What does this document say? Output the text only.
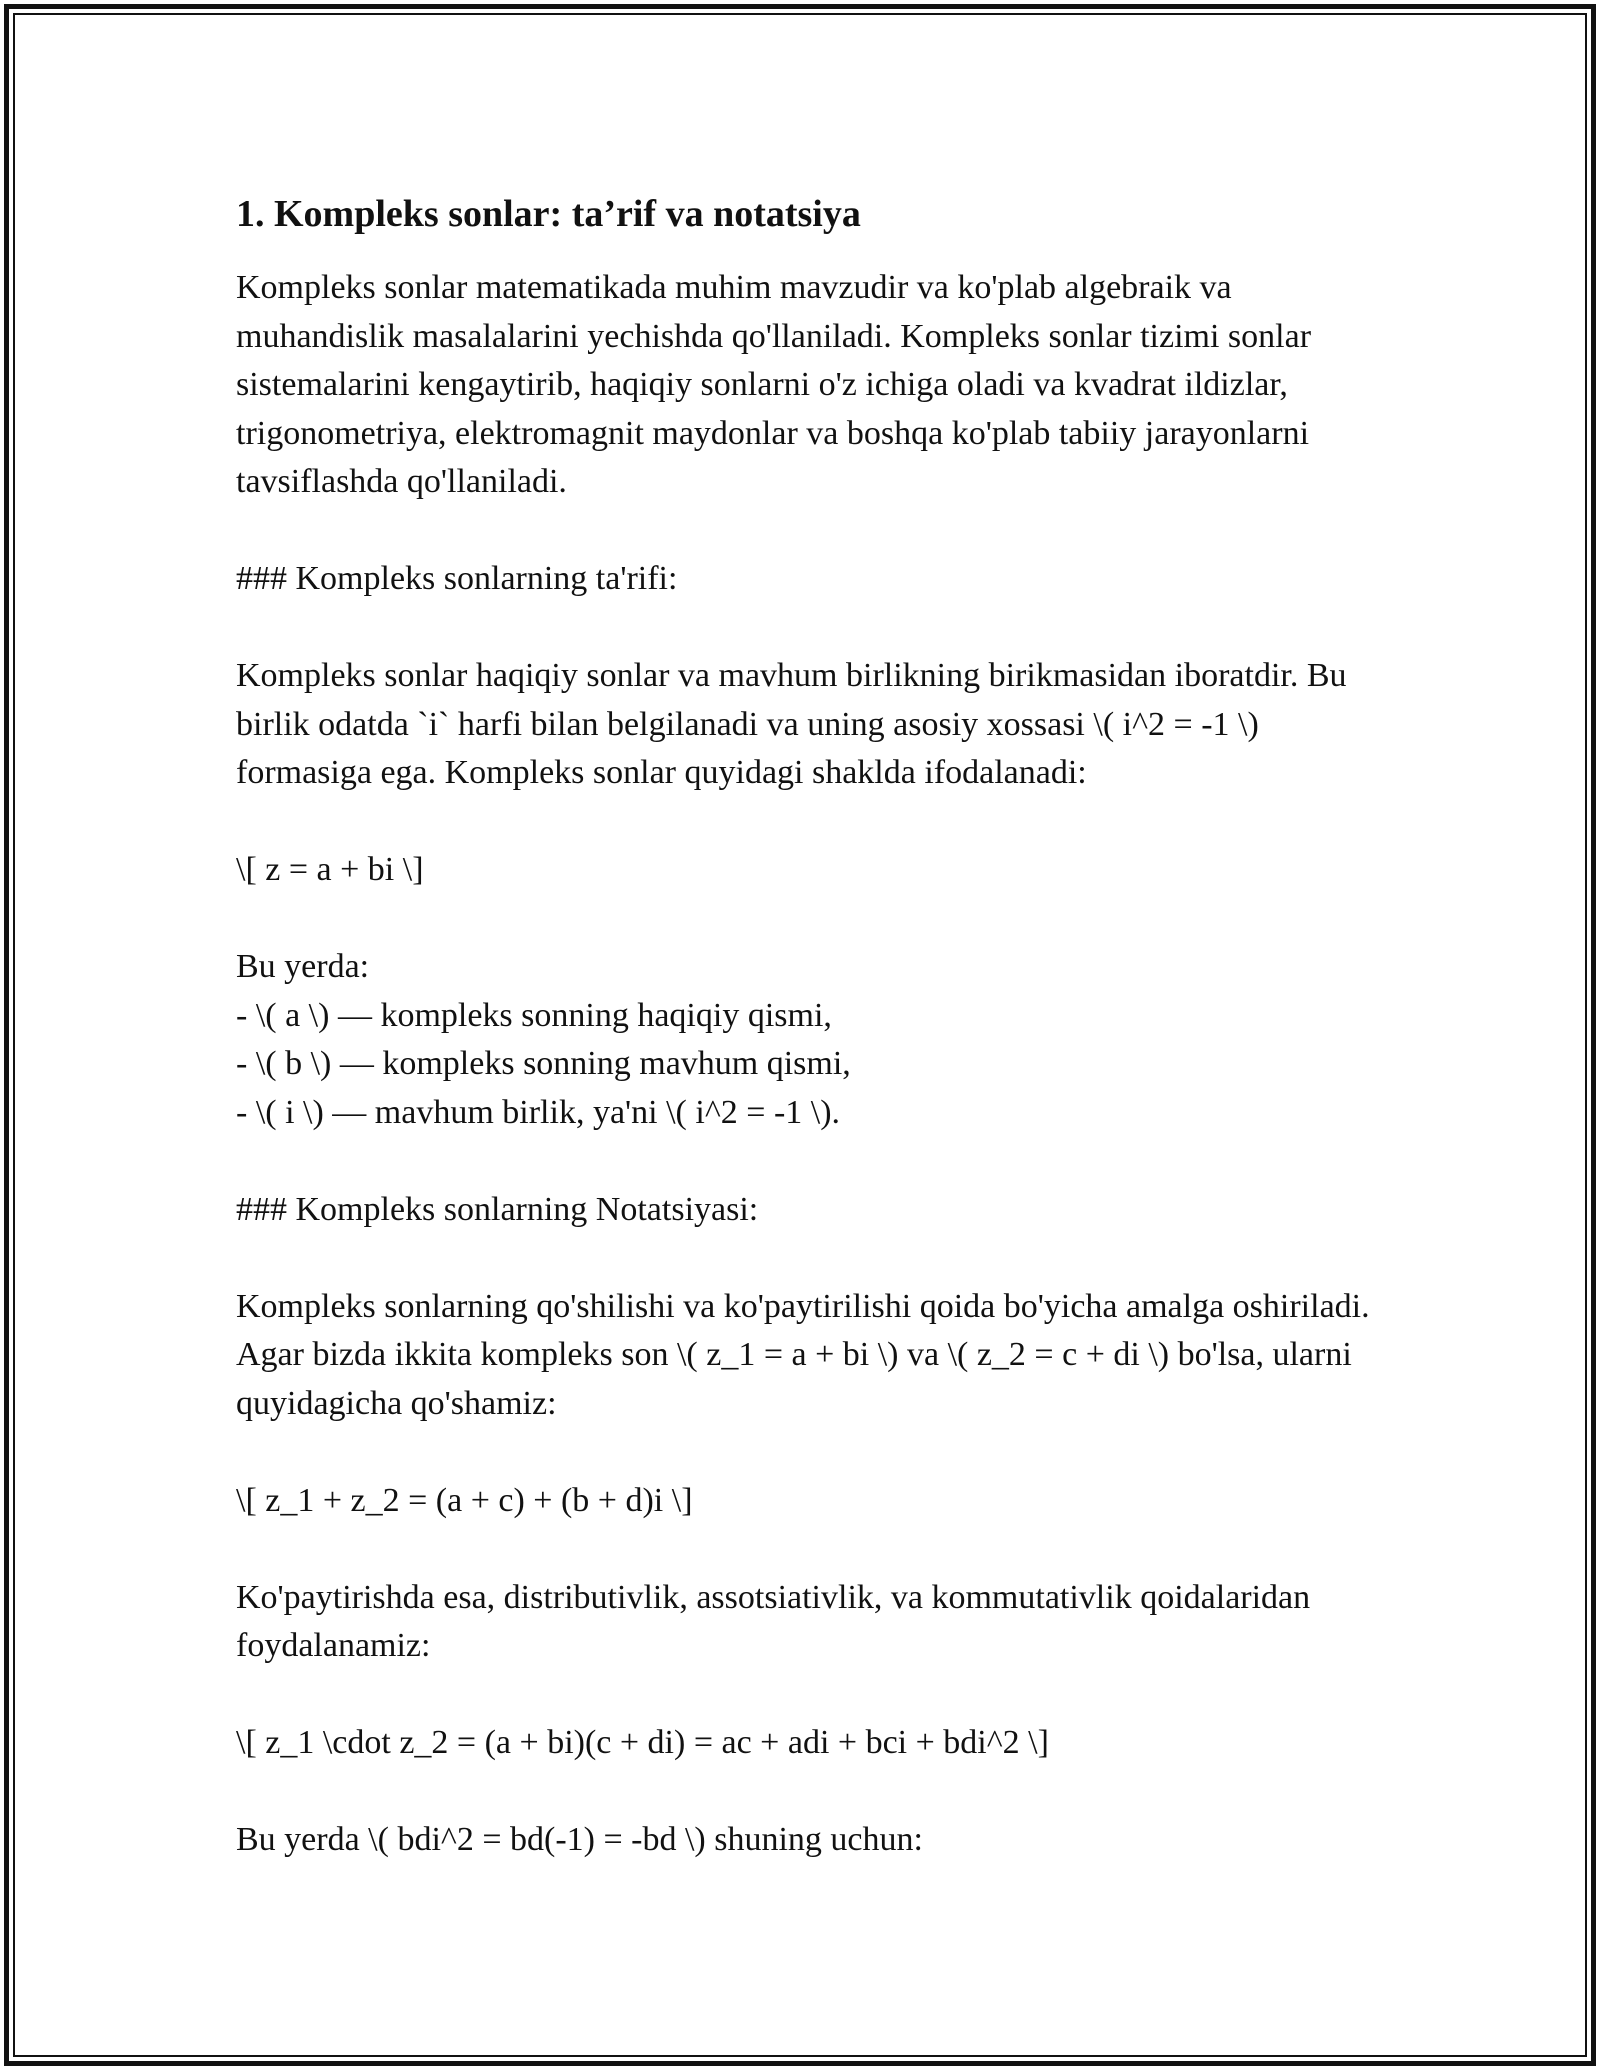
1. Kompleks sonlar: ta’rif va notatsiya

Kompleks sonlar matematikada muhim mavzudir va ko'plab algebraik va muhandislik masalalarini yechishda qo'llaniladi. Kompleks sonlar tizimi sonlar sistemalarini kengaytirib, haqiqiy sonlarni o'z ichiga oladi va kvadrat ildizlar, trigonometriya, elektromagnit maydonlar va boshqa ko'plab tabiiy jarayonlarni tavsiflashda qo'llaniladi.

### Kompleks sonlarning ta'rifi:

Kompleks sonlar haqiqiy sonlar va mavhum birlikning birikmasidan iboratdir. Bu birlik odatda `i` harfi bilan belgilanadi va uning asosiy xossasi \( i^2 = -1 \) formasiga ega. Kompleks sonlar quyidagi shaklda ifodalanadi:

\[ z = a + bi \]

Bu yerda:

- \( a \) — kompleks sonning haqiqiy qismi,
- \( b \) — kompleks sonning mavhum qismi,
- \( i \) — mavhum birlik, ya'ni \( i^2 = -1 \).

### Kompleks sonlarning Notatsiyasi:

Kompleks sonlarning qo'shilishi va ko'paytirilishi qoida bo'yicha amalga oshiriladi. Agar bizda ikkita kompleks son \( z_1 = a + bi \) va \( z_2 = c + di \) bo'lsa, ularni quyidagicha qo'shamiz:

\[ z_1 + z_2 = (a + c) + (b + d)i \]

Ko'paytirishda esa, distributivlik, assotsiativlik, va kommutativlik qoidalaridan foydalanamiz:

\[ z_1 \cdot z_2 = (a + bi)(c + di) = ac + adi + bci + bdi^2 \]

Bu yerda \( bdi^2 = bd(-1) = -bd \) shuning uchun:
